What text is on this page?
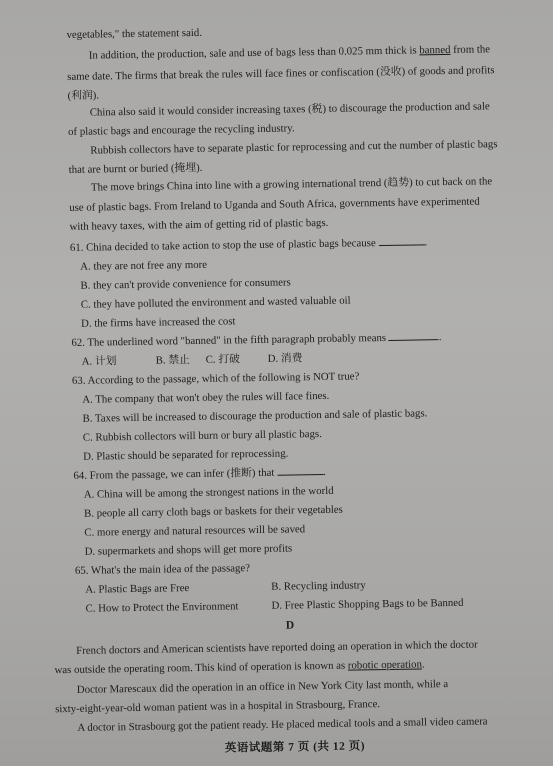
vegetables," the statement said.
In addition, the production, sale and use of bags less than 0.025 mm thick is banned from the
same date. The firms that break the rules will face fines or confiscation (没收) of goods and profits
(利润).
China also said it would consider increasing taxes (税) to discourage the production and sale
of plastic bags and encourage the recycling industry.
Rubbish collectors have to separate plastic for reprocessing and cut the number of plastic bags
that are burnt or buried (掩埋).
The move brings China into line with a growing international trend (趋势) to cut back on the
use of plastic bags. From Ireland to Uganda and South Africa, governments have experimented
with heavy taxes, with the aim of getting rid of plastic bags.
61. China decided to take action to stop the use of plastic bags because	.
A. they are not free any more
B. they can't provide convenience for consumers
C. they have polluted the environment and wasted valuable oil
D. the firms have increased the cost
62. The underlined word "banned" in the fifth paragraph probably means	.
A. 计划	B. 禁止 C. 打破	D. 消费
63. According to the passage, which of the following is NOT true?
A. The company that won't obey the rules will face fines.
B. Taxes will be increased to discourage the production and sale of plastic bags.
C. Rubbish collectors will burn or bury all plastic bags.
D. Plastic should be separated for reprocessing.
64. From the passage, we can infer (推断) that	.
A. China will be among the strongest nations in the world
B. people all carry cloth bags or baskets for their vegetables
C. more energy and natural resources will be saved
D. supermarkets and shops will get more profits
65. What's the main idea of the passage?
A. Plastic Bags are Free	B. Recycling industry
C. How to Protect the Environment	D. Free Plastic Shopping Bags to be Banned
D
French doctors and American scientists have reported doing an operation in which the doctor
was outside the operating room. This kind of operation is known as robotic operation.
Doctor Marescaux did the operation in an office in New York City last month, while a
sixty-eight-year-old woman patient was in a hospital in Strasbourg, France.
A doctor in Strasbourg got the patient ready. He placed medical tools and a small video camera
英语试题第 7 页 (共 12 页)
